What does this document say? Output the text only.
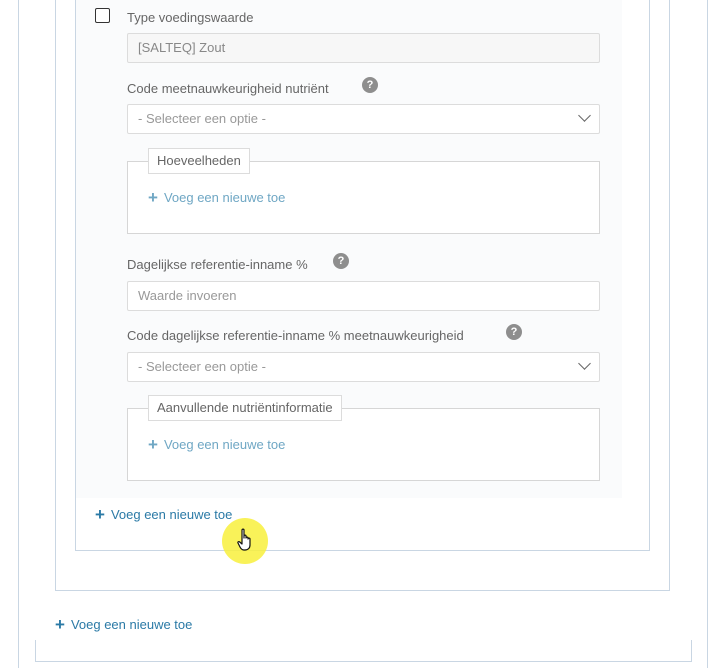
Type voedingswaarde
[SALTEQ] Zout
Code meetnauwkeurigheid nutriënt	?
- Selecteer een optie -
Hoeveelheden
+ Voeg een nieuwe toe
Dagelijkse referentie-inname %	?
Waarde invoeren
Code dagelijkse referentie-inname % meetnauwkeurigheid	?
- Selecteer een optie -
Aanvullende nutriëntinformatie
+ Voeg een nieuwe toe
+ Voeg een nieuwe toe
+ Voeg een nieuwe toe
